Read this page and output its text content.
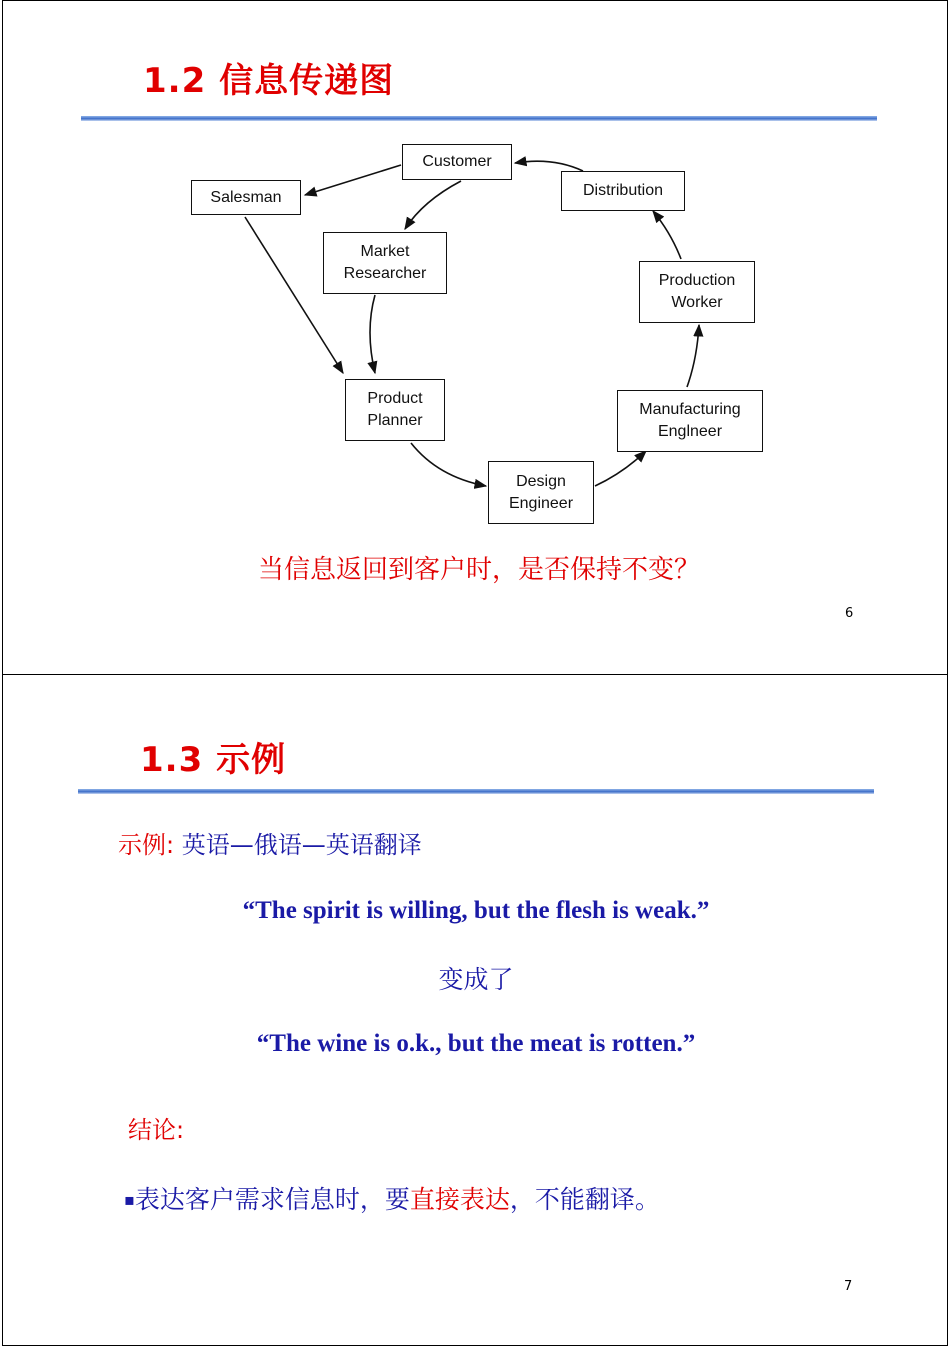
1.2 信息传递图
Customer
Salesman	Distribution
Market
Researcher	Production
Worker
Product
Planner
Manufacturing
Englneer
Design
Engineer
当信息返回到客户时，是否保持不变？
6
1.3 示例
示例: 英语—俄语—英语翻译
“The spirit is willing, but the flesh is weak.”
变成了
“The wine is o.k., but the meat is rotten.”
结论:
▪表达客户需求信息时，要直接表达，不能翻译。
7
